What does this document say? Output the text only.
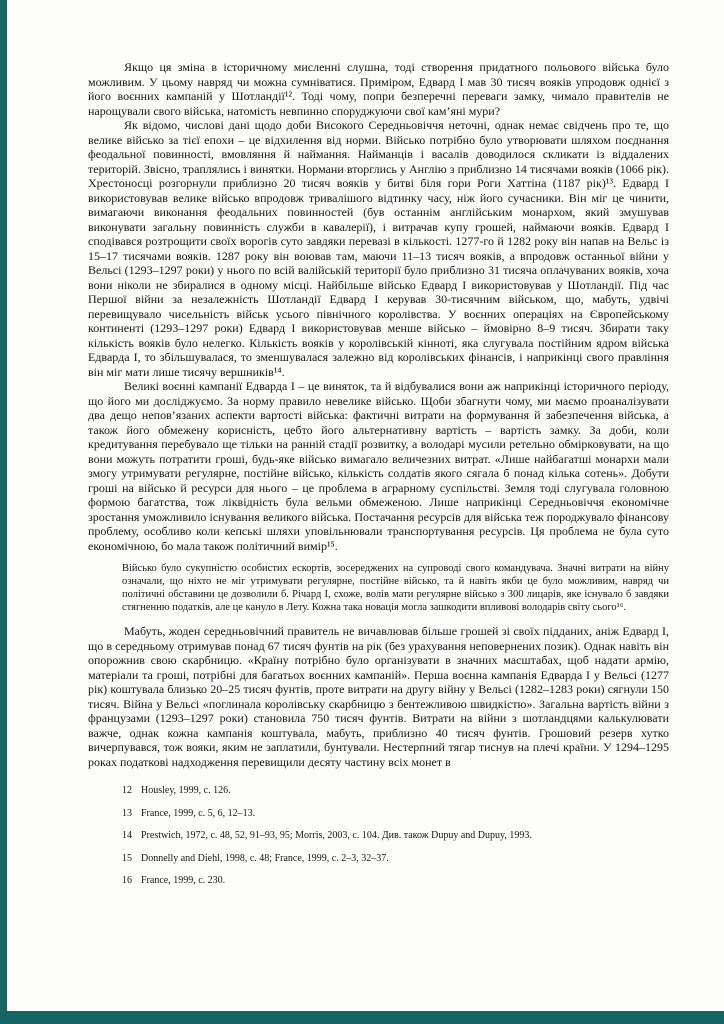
Якщо ця зміна в історичному мисленні слушна, тоді створення придатного польового війська було можливим. У цьому навряд чи можна сумніватися. Приміром, Едвард I мав 30 тисяч вояків упродовж однієї з його воєнних кампаній у Шотландії¹². Тоді чому, попри безперечні переваги замку, чимало правителів не нарощували свого війська, натомість невпинно споруджуючи свої кам’яні мури?

Як відомо, числові дані щодо доби Високого Середньовіччя неточні, однак немає свідчень про те, що велике військо за тієї епохи – це відхилення від норми. Військо потрібно було утворювати шляхом поєднання феодальної повинності, вмовляння й наймання. Найманців і васалів доводилося скликати із віддалених територій. Звісно, траплялись і винятки. Нормани вторглись у Англію з приблизно 14 тисячами вояків (1066 рік). Хрестоносці розгорнули приблизно 20 тисяч вояків у битві біля гори Роги Хаттіна (1187 рік)¹³. Едвард I використовував велике військо впродовж тривалішого відтинку часу, ніж його сучасники. Він міг це чинити, вимагаючи виконання феодальних повинностей (був останнім англійським монархом, який змушував виконувати загальну повинність служби в кавалерії), і витрачав купу грошей, наймаючи вояків. Едвард I сподівався розтрощити своїх ворогів суто завдяки перевазі в кількості. 1277-го й 1282 року він напав на Вельс із 15–17 тисячами вояків. 1287 року він воював там, маючи 11–13 тисяч вояків, а впродовж останньої війни у Вельсі (1293–1297 роки) у нього по всій валійській території було приблизно 31 тисяча оплачуваних вояків, хоча вони ніколи не збиралися в одному місці. Найбільше військо Едвард I використовував у Шотландії. Під час Першої війни за незалежність Шотландії Едвард I керував 30-тисячним військом, що, мабуть, удвічі перевищувало чисельність військ усього північного королівства. У воєнних операціях на Європейському континенті (1293–1297 роки) Едвард I використовував менше військо – ймовірно 8–9 тисяч. Збирати таку кількість вояків було нелегко. Кількість вояків у королівській кінноті, яка слугувала постійним ядром війська Едварда I, то збільшувалася, то зменшувалася залежно від королівських фінансів, і наприкінці свого правління він міг мати лише тисячу вершників¹⁴.

Великі воєнні кампанії Едварда I – це виняток, та й відбувалися вони аж наприкінці історичного періоду, що його ми досліджуємо. За норму правило невелике військо. Щоби збагнути чому, ми маємо проаналізувати два дещо непов’язаних аспекти вартості війська: фактичні витрати на формування й забезпечення війська, а також його обмежену корисність, цебто його альтернативну вартість – вартість замку. За доби, коли кредитування перебувало ще тільки на ранній стадії розвитку, а володарі мусили ретельно обмірковувати, на що вони можуть потратити гроші, будь-яке військо вимагало величезних витрат. «Лише найбагатші монархи мали змогу утримувати регулярне, постійне військо, кількість солдатів якого сягала б понад кілька сотень». Добути гроші на військо й ресурси для нього – це проблема в аграрному суспільстві. Земля тоді слугувала головною формою багатства, тож ліквідність була вельми обмеженою. Лише наприкінці Середньовіччя економічне зростання уможливило існування великого війська. Постачання ресурсів для війська теж породжувало фінансову проблему, особливо коли кепські шляхи уповільнювали транспортування ресурсів. Ця проблема не була суто економічною, бо мала також політичний вимір¹⁵.

Військо було сукупністю особистих ескортів, зосереджених на супроводі свого командувача. Значні витрати на війну означали, що ніхто не міг утримувати регулярне, постійне військо, та й навіть якби це було можливим, навряд чи політичні обставини це дозволили б. Річард I, схоже, волів мати регулярне військо з 300 лицарів, яке існувало б завдяки стягненню податків, але це кануло в Лету. Кожна така новація могла зашкодити впливові володарів світу сього¹⁶.

Мабуть, жоден середньовічний правитель не вичавлював більше грошей зі своїх підданих, аніж Едвард I, що в середньому отримував понад 67 тисяч фунтів на рік (без урахування неповернених позик). Однак навіть він опорожнив свою скарбницю. «Країну потрібно було організувати в значних масштабах, щоб надати армію, матеріали та гроші, потрібні для багатьох воєнних кампаній». Перша воєнна кампанія Едварда I у Вельсі (1277 рік) коштувала близько 20–25 тисяч фунтів, проте витрати на другу війну у Вельсі (1282–1283 роки) сягнули 150 тисяч. Війна у Вельсі «поглинала королівську скарбницю з бентежливою швидкістю». Загальна вартість війни з французами (1293–1297 роки) становила 750 тисяч фунтів. Витрати на війни з шотландцями калькулювати важче, однак кожна кампанія коштувала, мабуть, приблизно 40 тисяч фунтів. Грошовий резерв хутко вичерпувався, тож вояки, яким не заплатили, бунтували. Нестерпний тягар тиснув на плечі країни. У 1294–1295 роках податкові надходження перевищили десяту частину всіх монет в

12 Housley, 1999, с. 126.
13 France, 1999, с. 5, 6, 12–13.
14 Prestwich, 1972, с. 48, 52, 91–93, 95; Morris, 2003, с. 104. Див. також Dupuy and Dupuy, 1993.
15 Donnelly and Diehl, 1998, с. 48; France, 1999, с. 2–3, 32–37.
16 France, 1999, с. 230.
